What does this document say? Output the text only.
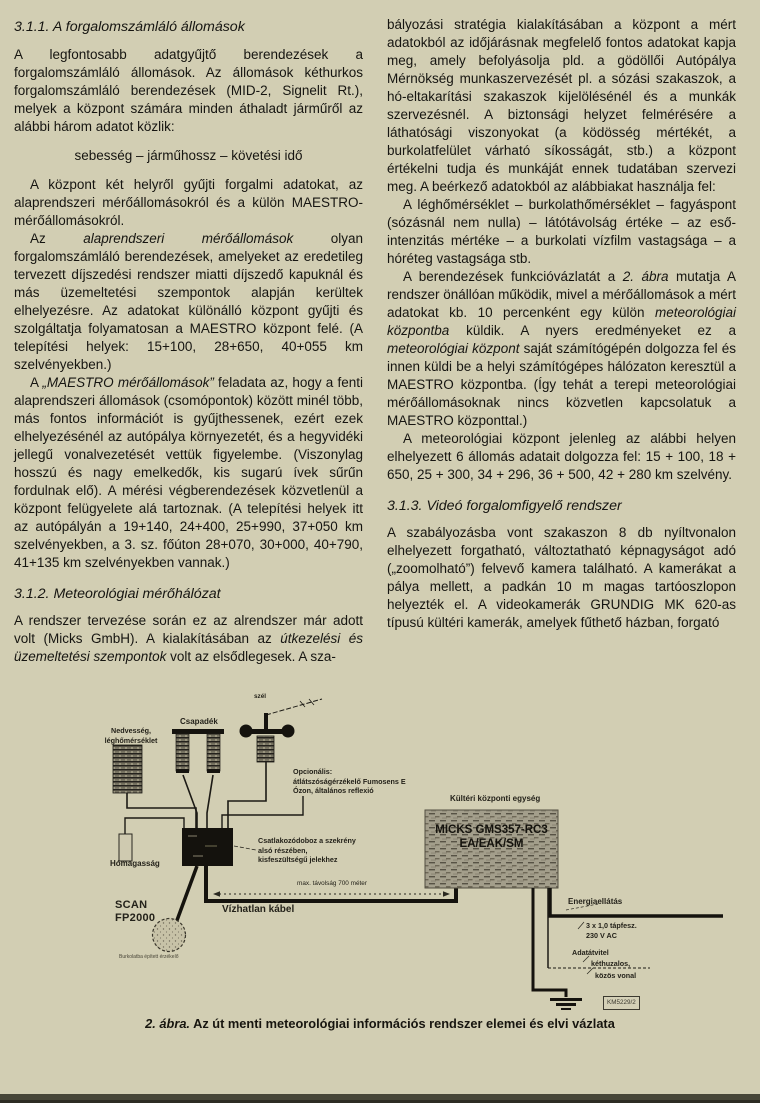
3.1.1. A forgalomszámláló állomások

A legfontosabb adatgyűjtő berendezések a forgalomszámláló állomások. Az állomások kéthurkos forgalomszámláló berendezések (MID-2, Signelit Rt.), melyek a központ számára minden áthaladt járműről az alábbi három adatot közlik:

sebesség – járműhossz – követési idő

A központ két helyről gyűjti forgalmi adatokat, az alaprendszeri mérőállomásokról és a külön MAESTRO-mérőállomásokról.

Az alaprendszeri mérőállomások olyan forgalomszámláló berendezések, amelyeket az eredetileg tervezett díjszedési rendszer miatti díjszedő kapuknál és más üzemeltetési szempontok alapján kerültek elhelyezésre. Az adatokat különálló központ gyűjti és szolgáltatja folyamatosan a MAESTRO központ felé. (A telepítési helyek: 15+100, 28+650, 40+055 km szelvényekben.)

A „MAESTRO mérőállomások” feladata az, hogy a fenti alaprendszeri állomások (csomópontok) között minél több, más fontos információt is gyűjthessenek, ezért ezek elhelyezésénél az autópálya környezetét, és a hegyvidéki jellegű vonalvezetését vettük figyelembe. (Viszonylag hosszú és nagy emelkedők, kis sugarú ívek sűrűn fordulnak elő). A mérési végberendezések közvetlenül a központ felügyelete alá tartoznak. (A telepítési helyek itt az autópályán a 19+140, 24+400, 25+990, 37+050 km szelvényekben, a 3. sz. főúton 28+070, 30+000, 40+790, 41+135 km szelvényekben vannak.)

3.1.2. Meteorológiai mérőhálózat

A rendszer tervezése során ez az alrendszer már adott volt (Micks GmbH). A kialakításában az útkezelési és üzemeltetési szempontok volt az elsődlegesek. A sza-

bályozási stratégia kialakításában a központ a mért adatokból az időjárásnak megfelelő fontos adatokat kapja meg, amely befolyásolja pld. a gödöllői Autópálya Mérnökség munkaszervezését pl. a sózási szakaszok, a hó-eltakarítási szakaszok kijelölésénél és a munkák szervezésnél. A biztonsági helyzet felmérésére a láthatósági viszonyokat (a ködösség mértékét, a burkolatfelület várható síkosságát, stb.) a központ értékelni tudja és munkáját ennek tudatában szervezi meg. A beérkező adatokból az alábbiakat használja fel:

A léghőmérséklet – burkolathőmérséklet – fagyáspont (sózásnál nem nulla) – látótávolság értéke – az eső-intenzitás mértéke – a burkolati vízfilm vastagsága – a hóréteg vastagsága stb.

A berendezések funkcióvázlatát a 2. ábra mutatja A rendszer önállóan működik, mivel a mérőállomások a mért adatokat kb. 10 percenként egy külön meteorológiai központba küldik. A nyers eredményeket ez a meteorológiai központ saját számítógépén dolgozza fel és innen küldi be a helyi számítógépes hálózaton keresztül a MAESTRO központba. (Így tehát a terepi meteorológiai mérőállomásoknak nincs közvetlen kapcsolatuk a MAESTRO központtal.)

A meteorológiai központ jelenleg az alábbi helyen elhelyezett 6 állomás adatait dolgozza fel: 15 + 100, 18 + 650, 25 + 300, 34 + 296, 36 + 500, 42 + 280 km szelvény.

3.1.3. Videó forgalomfigyelő rendszer

A szabályozásba vont szakaszon 8 db nyíltvonalon elhelyezett forgatható, változtatható képnagyságot adó („zoomolható”) felvevő kamera található. A kamerákat a pálya mellett, a padkán 10 m magas tartóoszlopon helyezték el. A videokamerák GRUNDIG MK 620-as típusú kültéri kamerák, amelyek fűthető házban, forgató

Nedvesség,
léghőmérséklet
Csapadék
szél
Opcionális:
átlátszóságérzékelő Fumosens E
Ózon, általános reflexió
Hómagasság
Csatlakozódoboz a szekrény
alsó részében,
kisfeszültségű jelekhez
SCAN
FP2000
Burkolatba épített érzékelő
max. távolság 700 méter
Vízhatlan kábel
Kültéri központi egység
MICKS GMS357-RC3
EA/EAK/SM
Energiaellátás
3 x 1,0 tápfesz.
230 V AC
Adatátvitel
kéthuzalos,
közös vonal
KM5229/2
2. ábra. Az út menti meteorológiai információs rendszer elemei és elvi vázlata
